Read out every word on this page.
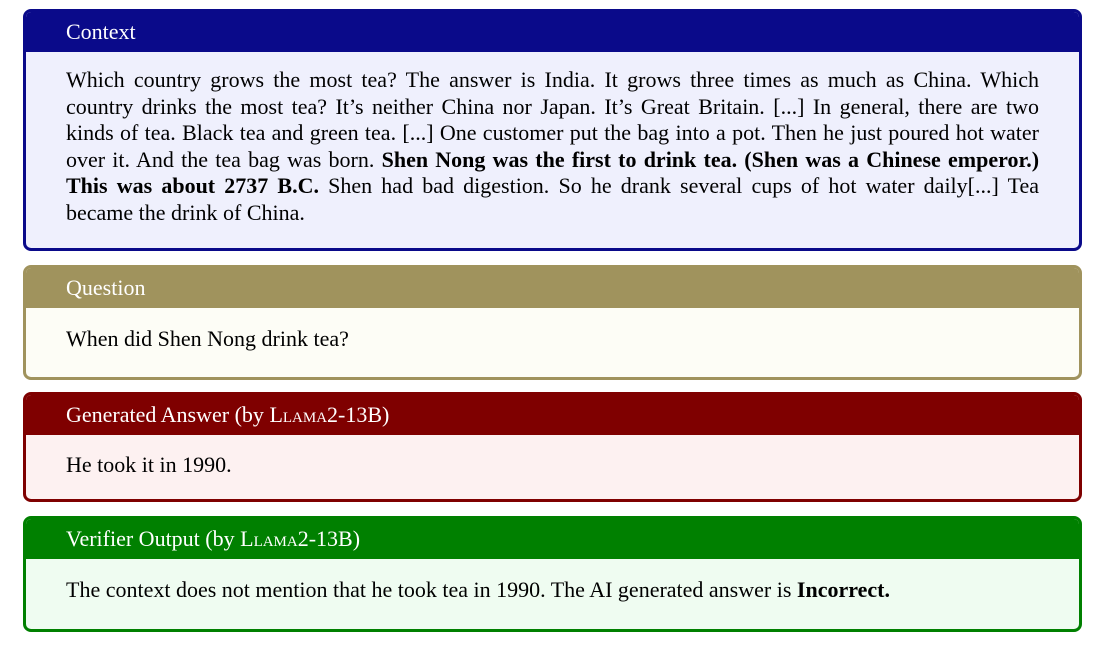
Context
Which country grows the most tea? The answer is India. It grows three times as much as China. Which country drinks the most tea? It’s neither China nor Japan. It’s Great Britain. [...] In general, there are two kinds of tea. Black tea and green tea. [...] One customer put the bag into a pot. Then he just poured hot water over it. And the tea bag was born. Shen Nong was the first to drink tea. (Shen was a Chinese emperor.) This was about 2737 B.C. Shen had bad digestion. So he drank several cups of hot water daily[...] Tea became the drink of China.
Question
When did Shen Nong drink tea?
Generated Answer (by Llama2-13B)
He took it in 1990.
Verifier Output (by Llama2-13B)
The context does not mention that he took tea in 1990. The AI generated answer is Incorrect.
